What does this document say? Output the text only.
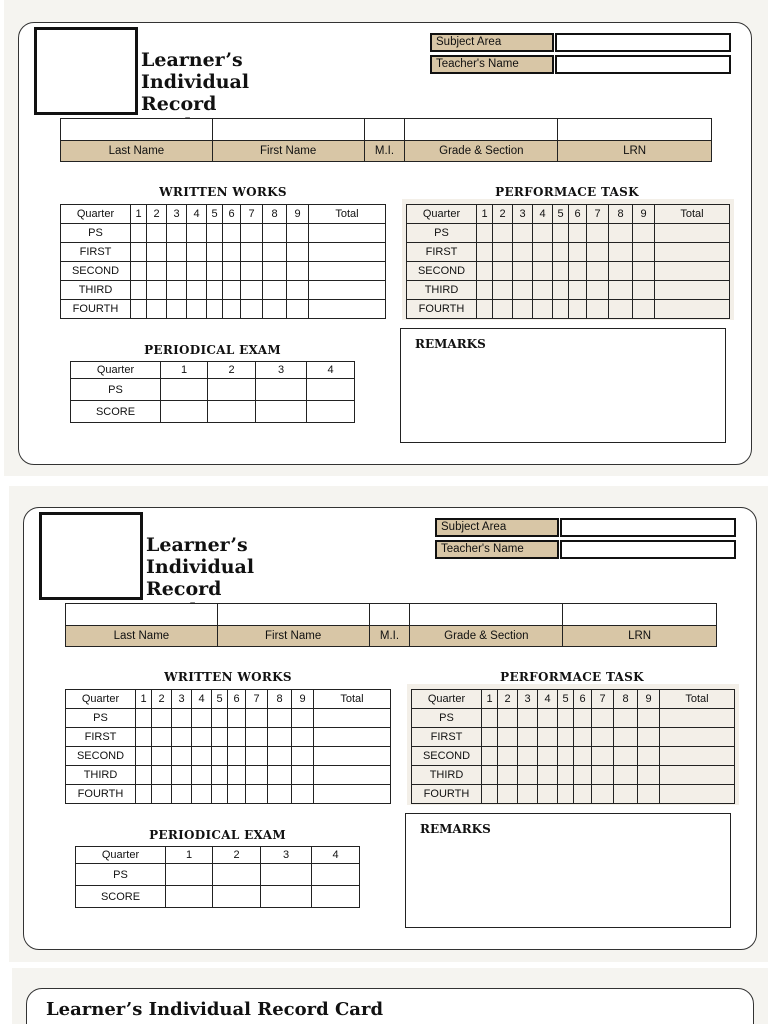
Learner’s Individual
Record
Subject Area
Teacher's Name

Last Name	First Name	M.I.	Grade & Section	LRN
WRITTEN WORKS
Quarter	1	2	3	4	5	6	7	8	9	Total
PS										
FIRST										
SECOND										
THIRD										
FOURTH										
PERFORMACE TASK
Quarter	1	2	3	4	5	6	7	8	9	Total
PS										
FIRST										
SECOND										
THIRD										
FOURTH										
PERIODICAL EXAM
Quarter	1	2	3	4
PS				
SCORE				
REMARKS
Learner’s Individual
Record
Subject Area
Teacher's Name

Last Name	First Name	M.I.	Grade & Section	LRN
WRITTEN WORKS
Quarter	1	2	3	4	5	6	7	8	9	Total
PS										
FIRST										
SECOND										
THIRD										
FOURTH										
PERFORMACE TASK
Quarter	1	2	3	4	5	6	7	8	9	Total
PS										
FIRST										
SECOND										
THIRD										
FOURTH										
PERIODICAL EXAM
Quarter	1	2	3	4
PS				
SCORE				
REMARKS
Learner’s Individual Record Card
